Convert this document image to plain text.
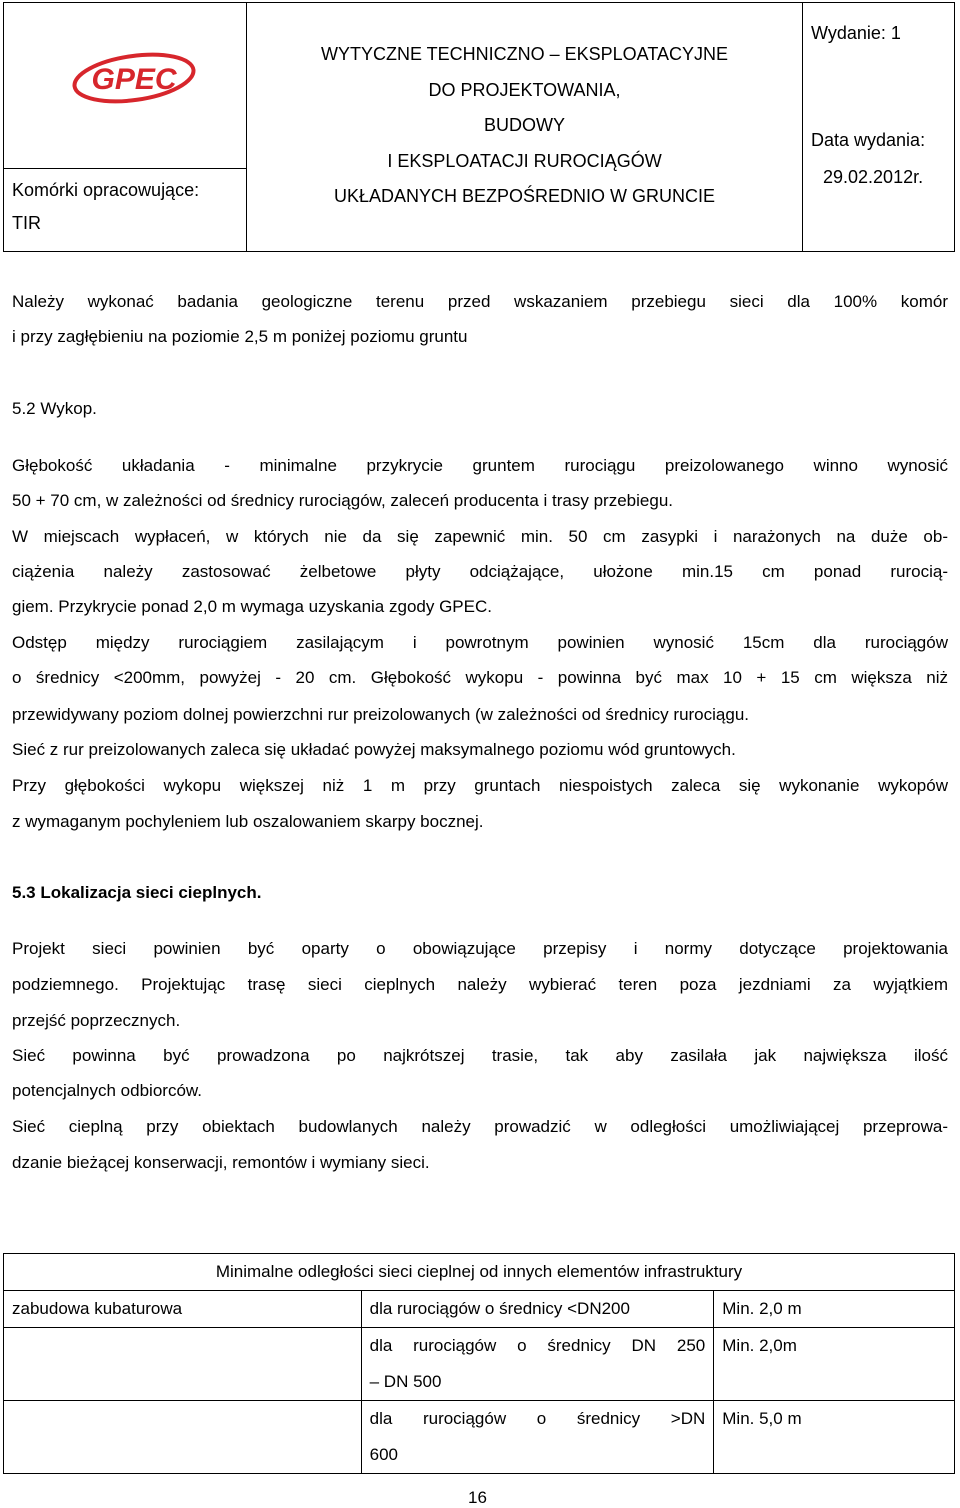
GPEC
Komórki opracowujące:
TIR
WYTYCZNE TECHNICZNO – EKSPLOATACYJNE
DO PROJEKTOWANIA,
BUDOWY
I EKSPLOATACJI RUROCIĄGÓW
UKŁADANYCH BEZPOŚREDNIO W GRUNCIE
Wydanie: 1
Data wydania:
29.02.2012r.
Należy wykonać badania geologiczne terenu przed wskazaniem przebiegu sieci dla 100% komór
i przy zagłębieniu na poziomie 2,5 m poniżej poziomu gruntu
5.2 Wykop.
Głębokość układania - minimalne przykrycie gruntem rurociągu preizolowanego winno wynosić
50 + 70 cm, w zależności od średnicy rurociągów, zaleceń producenta i trasy przebiegu.
W miejscach wypłaceń, w których nie da się zapewnić min. 50 cm zasypki i narażonych na duże ob-
ciążenia należy zastosować żelbetowe płyty odciążające, ułożone min.15 cm ponad rurocią-
giem. Przykrycie ponad 2,0 m wymaga uzyskania zgody GPEC.
Odstęp między rurociągiem zasilającym i powrotnym powinien wynosić 15cm dla rurociągów
o średnicy <200mm, powyżej - 20 cm. Głębokość wykopu - powinna być max 10 + 15 cm większa niż
przewidywany poziom dolnej powierzchni rur preizolowanych (w zależności od średnicy rurociągu.
Sieć z rur preizolowanych zaleca się układać powyżej maksymalnego poziomu wód gruntowych.
Przy głębokości wykopu większej niż 1 m przy gruntach niespoistych zaleca się wykonanie wykopów
z wymaganym pochyleniem lub oszalowaniem skarpy bocznej.
5.3 Lokalizacja sieci cieplnych.
Projekt sieci powinien być oparty o obowiązujące przepisy i normy dotyczące projektowania
podziemnego. Projektując trasę sieci cieplnych należy wybierać teren poza jezdniami za wyjątkiem
przejść poprzecznych.
Sieć powinna być prowadzona po najkrótszej trasie, tak aby zasilała jak największa ilość
potencjalnych odbiorców.
Sieć cieplną przy obiektach budowlanych należy prowadzić w odległości umożliwiającej przeprowa-
dzanie bieżącej konserwacji, remontów i wymiany sieci.
Minimalne odległości sieci cieplnej od innych elementów infrastruktury		
zabudowa kubaturowa	dla rurociągów o średnicy <DN200	Min. 2,0 m

	dla rurociągów o średnicy DN 250
– DN 500	Min. 2,0m

	dla rurociągów o średnicy >DN
600	Min. 5,0 m
16
